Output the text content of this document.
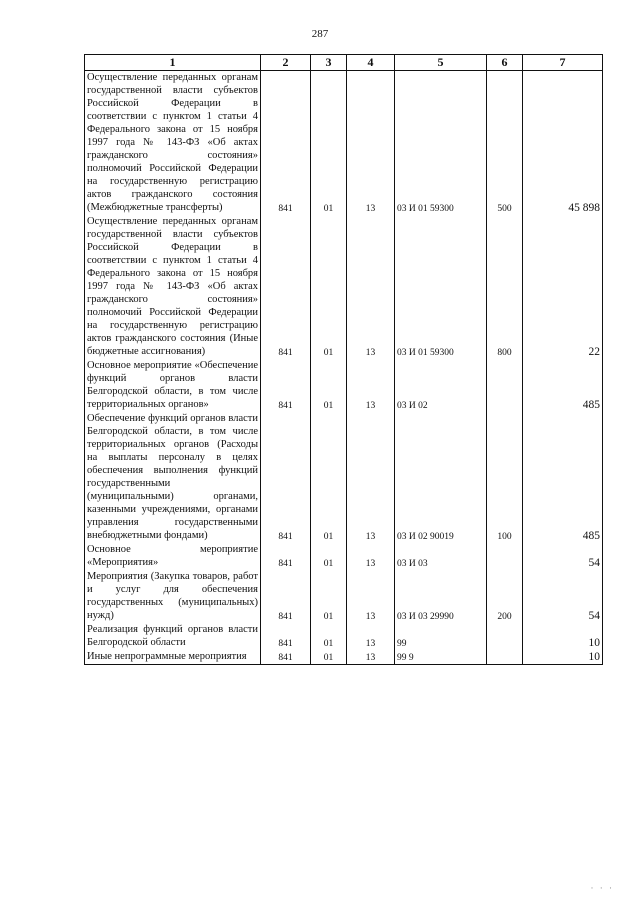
287
1	2	3	4	5	6	7
Осуществление переданных органам государственной власти субъектов Российской Федерации в соответствии с пунктом 1 статьи 4 Федерального закона от 15 ноября 1997 года № 143-ФЗ «Об актах гражданского состояния» полномочий Российской Федерации на государственную регистрацию актов гражданского состояния (Межбюджетные трансферты)	841	01	13	03 И 01 59300	500	45 898
Осуществление переданных органам государственной власти субъектов Российской Федерации в соответствии с пунктом 1 статьи 4 Федерального закона от 15 ноября 1997 года № 143-ФЗ «Об актах гражданского состояния» полномочий Российской Федерации на государственную регистрацию актов гражданского состояния (Иные бюджетные ассигнования)	841	01	13	03 И 01 59300	800	22
Основное мероприятие «Обеспечение функций органов власти Белгородской области, в том числе территориальных органов»	841	01	13	03 И 02		485
Обеспечение функций органов власти Белгородской области, в том числе территориальных органов (Расходы на выплаты персоналу в целях обеспечения выполнения функций государственными (муниципальными) органами, казенными учреждениями, органами управления государственными внебюджетными фондами)	841	01	13	03 И 02 90019	100	485
Основное мероприятие «Мероприятия»	841	01	13	03 И 03		54
Мероприятия (Закупка товаров, работ и услуг для обеспечения государственных (муниципальных) нужд)	841	01	13	03 И 03 29990	200	54
Реализация функций органов власти Белгородской области	841	01	13	99		10
Иные непрограммные мероприятия	841	01	13	99 9		10
· · ·
